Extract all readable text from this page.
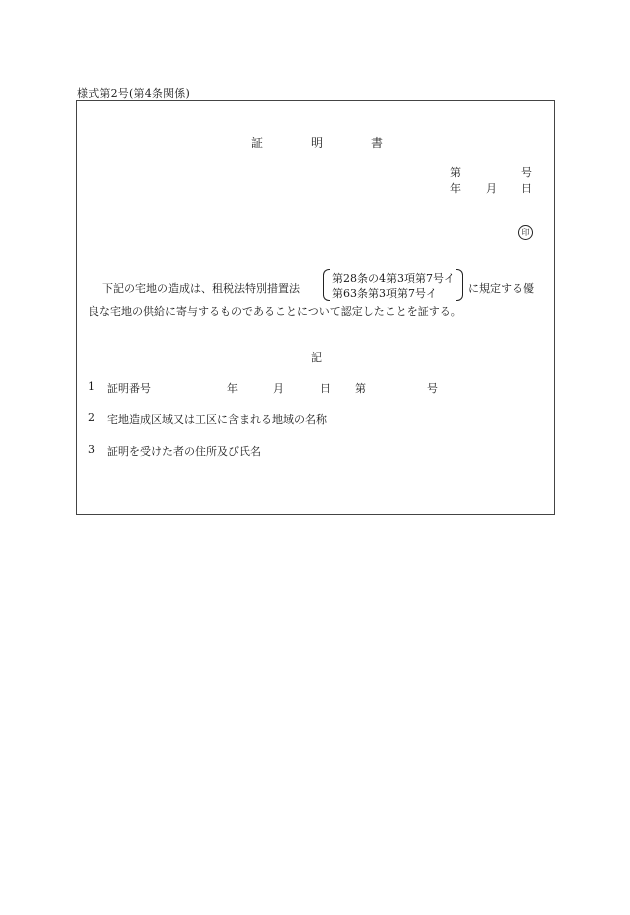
様式第2号(第4条関係)
証	明	書
第	号
年 月 日
印
下記の宅地の造成は、租税法特別措置法
第28条の4第3項第7号イ
第63条第3項第7号イ	に規定する優
良な宅地の供給に寄与するものであることについて認定したことを証する。
記
1 証明番号	年	月	日 第	号
2 宅地造成区域又は工区に含まれる地域の名称
3 証明を受けた者の住所及び氏名
